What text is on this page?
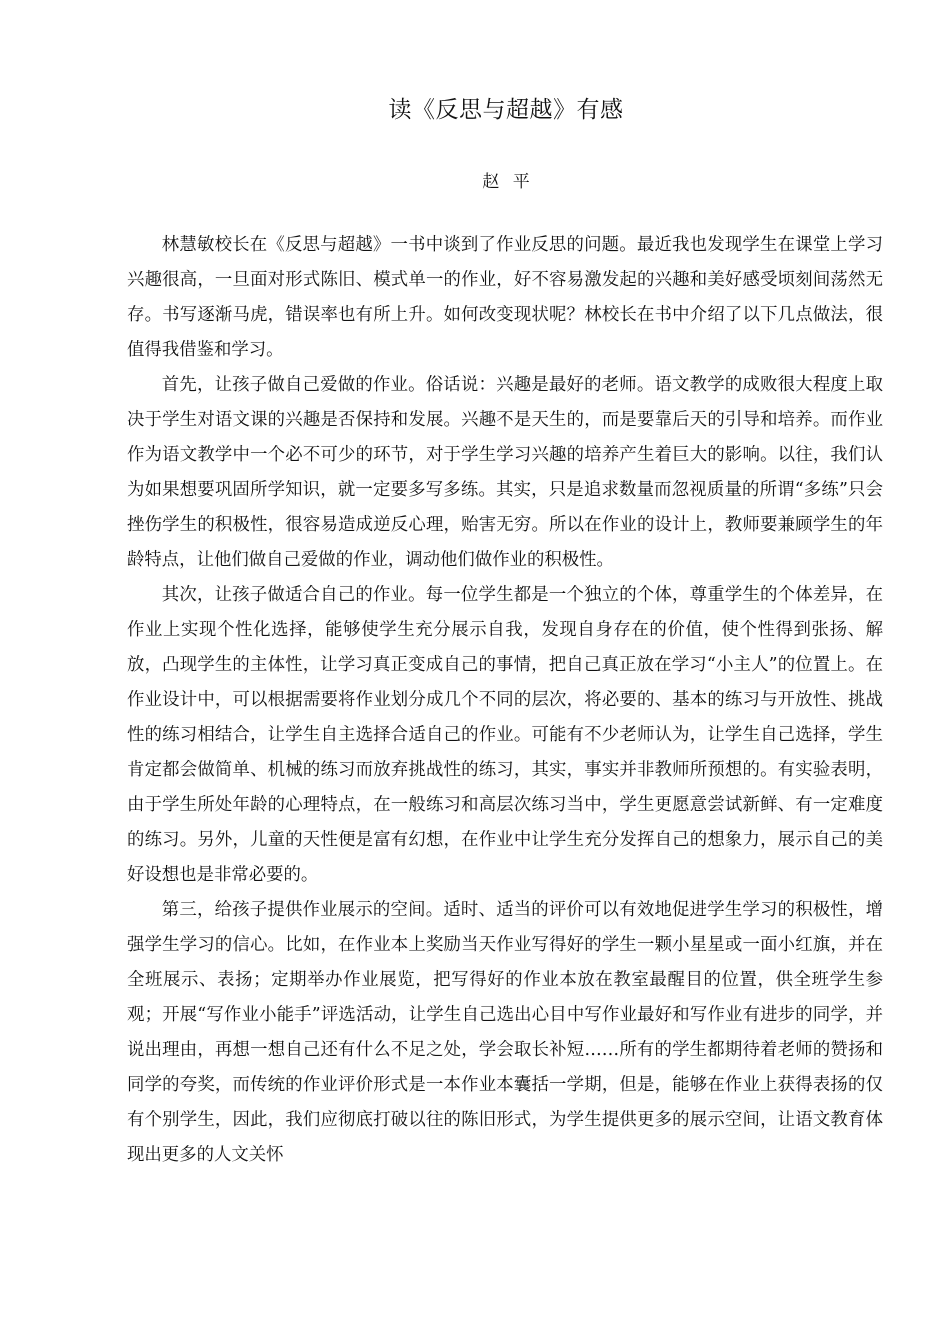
读《反思与超越》有感
赵 平

林慧敏校长在《反思与超越》一书中谈到了作业反思的问题。最近我也发现学生在课堂上学习兴趣很高，一旦面对形式陈旧、模式单一的作业，好不容易激发起的兴趣和美好感受顷刻间荡然无存。书写逐渐马虎，错误率也有所上升。如何改变现状呢？林校长在书中介绍了以下几点做法，很值得我借鉴和学习。

首先，让孩子做自己爱做的作业。俗话说：兴趣是最好的老师。语文教学的成败很大程度上取决于学生对语文课的兴趣是否保持和发展。兴趣不是天生的，而是要靠后天的引导和培养。而作业作为语文教学中一个必不可少的环节，对于学生学习兴趣的培养产生着巨大的影响。以往，我们认为如果想要巩固所学知识，就一定要多写多练。其实，只是追求数量而忽视质量的所谓“多练”只会挫伤学生的积极性，很容易造成逆反心理，贻害无穷。所以在作业的设计上，教师要兼顾学生的年龄特点，让他们做自己爱做的作业，调动他们做作业的积极性。

其次，让孩子做适合自己的作业。每一位学生都是一个独立的个体，尊重学生的个体差异，在作业上实现个性化选择，能够使学生充分展示自我，发现自身存在的价值，使个性得到张扬、解放，凸现学生的主体性，让学习真正变成自己的事情，把自己真正放在学习“小主人”的位置上。在作业设计中，可以根据需要将作业划分成几个不同的层次，将必要的、基本的练习与开放性、挑战性的练习相结合，让学生自主选择合适自己的作业。可能有不少老师认为，让学生自己选择，学生肯定都会做简单、机械的练习而放弃挑战性的练习，其实，事实并非教师所预想的。有实验表明，由于学生所处年龄的心理特点，在一般练习和高层次练习当中，学生更愿意尝试新鲜、有一定难度的练习。另外，儿童的天性便是富有幻想，在作业中让学生充分发挥自己的想象力，展示自己的美好设想也是非常必要的。

第三，给孩子提供作业展示的空间。适时、适当的评价可以有效地促进学生学习的积极性，增强学生学习的信心。比如，在作业本上奖励当天作业写得好的学生一颗小星星或一面小红旗，并在全班展示、表扬；定期举办作业展览，把写得好的作业本放在教室最醒目的位置，供全班学生参观；开展“写作业小能手”评选活动，让学生自己选出心目中写作业最好和写作业有进步的同学，并说出理由，再想一想自己还有什么不足之处，学会取长补短……所有的学生都期待着老师的赞扬和同学的夸奖，而传统的作业评价形式是一本作业本囊括一学期，但是，能够在作业上获得表扬的仅有个别学生，因此，我们应彻底打破以往的陈旧形式，为学生提供更多的展示空间，让语文教育体现出更多的人文关怀
